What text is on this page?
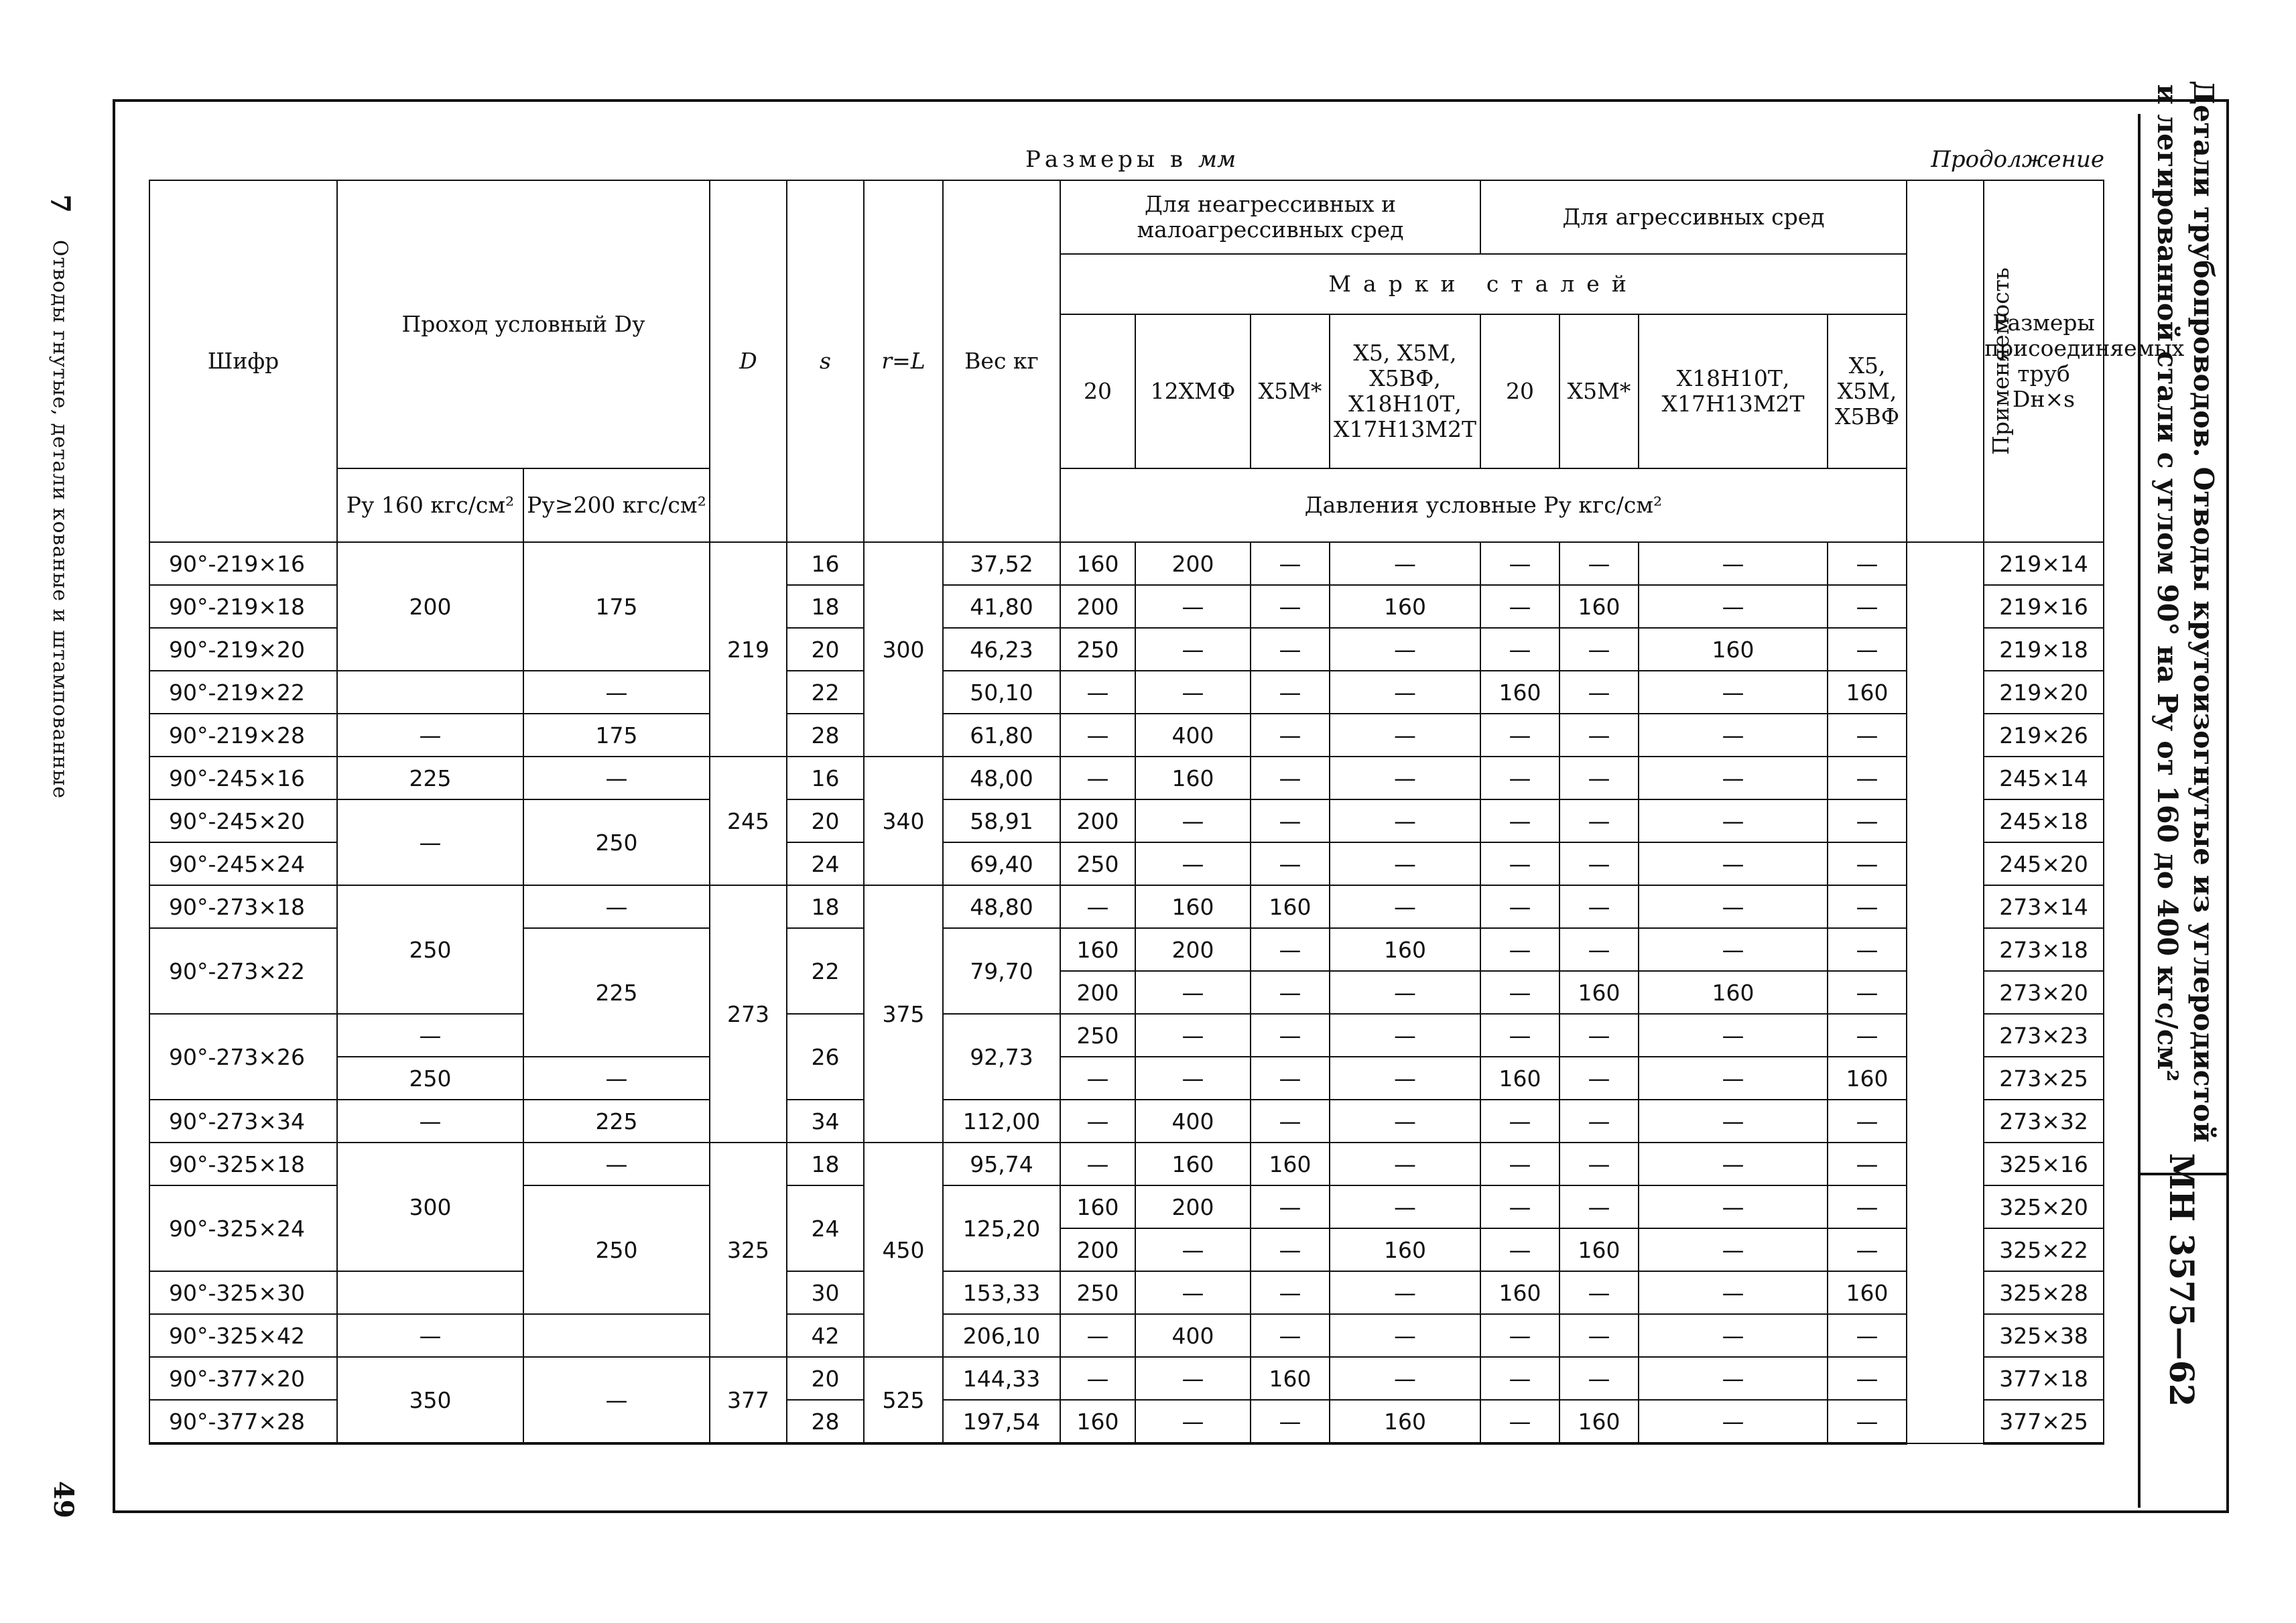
7
Отводы гнутые, детали кованые и штампованные
49
Размеры в мм	Продолжение	Детали трубопроводов. Отводы крутоизогнутые из углеродистой
и легированной стали с углом 90° на Pу от 160 до 400 кгс/см²
МН 3575—62
Шифр	Проход условный Dу		D	s	r=L	Вес кг	Для неагрессивных и малоагрессивных сред				Для агрессивных сред				Применяемость	Размеры присоединяемых труб Dн×s
							Марки сталей									
							20	12ХМФ	Х5М*	Х5, Х5М, Х5ВФ, Х18Н10Т, Х17Н13М2Т	20	Х5М*	Х18Н10Т, Х17Н13М2Т	Х5, Х5М, Х5ВФ		
	Pу 160 кгс/см²	Pу≥200 кгс/см²					Давления условные Pу кгс/см²									
90°-219×16	200	175	219	16	300	37,52	160	200	—	—	—	—	—	—		219×14
90°-219×18				18		41,80	200	—	—	160	—	160	—	—		219×16
90°-219×20				20		46,23	250	—	—	—	—	—	160	—		219×18
90°-219×22		—		22		50,10	—	—	—	—	160	—	—	160		219×20
90°-219×28	—	175		28		61,80	—	400	—	—	—	—	—	—		219×26
90°-245×16	225	—	245	16	340	48,00	—	160	—	—	—	—	—	—		245×14
90°-245×20	—	250		20		58,91	200	—	—	—	—	—	—	—		245×18
90°-245×24				24		69,40	250	—	—	—	—	—	—	—		245×20
90°-273×18	250	—	273	18	375	48,80	—	160	160	—	—	—	—	—		273×14
90°-273×22		225		22		79,70	160	200	—	160	—	—	—	—		273×18
							200	—	—	—	—	160	160	—		273×20
90°-273×26	—			26		92,73	250	—	—	—	—	—	—	—		273×23
	250	—					—	—	—	—	160	—	—	160		273×25
90°-273×34	—	225		34		112,00	—	400	—	—	—	—	—	—		273×32
90°-325×18	300	—	325	18	450	95,74	—	160	160	—	—	—	—	—		325×16
90°-325×24		250		24		125,20	160	200	—	—	—	—	—	—		325×20
							200	—	—	160	—	160	—	—		325×22
90°-325×30				30		153,33	250	—	—	—	160	—	—	160		325×28
90°-325×42	—			42		206,10	—	400	—	—	—	—	—	—		325×38
90°-377×20	350	—	377	20	525	144,33	—	—	160	—	—	—	—	—		377×18
90°-377×28				28		197,54	160	—	—	160	—	160	—	—		377×25
